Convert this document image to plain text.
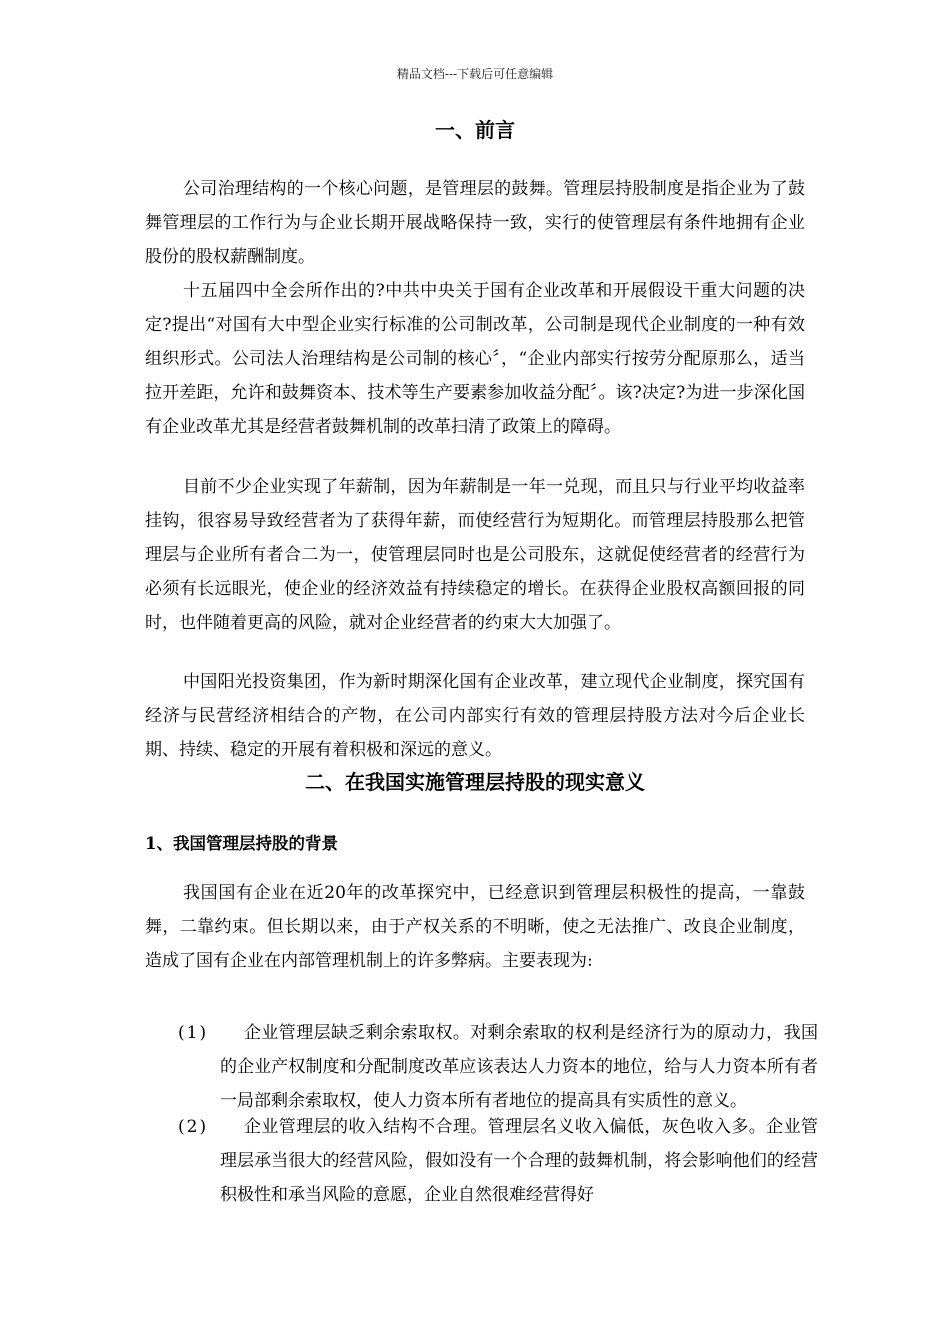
精品文档---下载后可任意编辑
一、前言

公司治理结构的一个核心问题，是管理层的鼓舞。管理层持股制度是指企业为了鼓舞管理层的工作行为与企业长期开展战略保持一致，实行的使管理层有条件地拥有企业股份的股权薪酬制度。

十五届四中全会所作出的?中共中央关于国有企业改革和开展假设干重大问题的决定?提出“对国有大中型企业实行标准的公司制改革，公司制是现代企业制度的一种有效组织形式。公司法人治理结构是公司制的核心〞，“企业内部实行按劳分配原那么，适当拉开差距，允许和鼓舞资本、技术等生产要素参加收益分配〞。该?决定?为进一步深化国有企业改革尤其是经营者鼓舞机制的改革扫清了政策上的障碍。

目前不少企业实现了年薪制，因为年薪制是一年一兑现，而且只与行业平均收益率挂钩，很容易导致经营者为了获得年薪，而使经营行为短期化。而管理层持股那么把管理层与企业所有者合二为一，使管理层同时也是公司股东，这就促使经营者的经营行为必须有长远眼光，使企业的经济效益有持续稳定的增长。在获得企业股权高额回报的同时，也伴随着更高的风险，就对企业经营者的约束大大加强了。

中国阳光投资集团，作为新时期深化国有企业改革，建立现代企业制度，探究国有经济与民营经济相结合的产物，在公司内部实行有效的管理层持股方法对今后企业长期、持续、稳定的开展有着积极和深远的意义。

二、在我国实施管理层持股的现实意义
1、我国管理层持股的背景

我国国有企业在近20年的改革探究中，已经意识到管理层积极性的提高，一靠鼓舞，二靠约束。但长期以来，由于产权关系的不明晰，使之无法推广、改良企业制度，造成了国有企业在内部管理机制上的许多弊病。主要表现为:

(1)	企业管理层缺乏剩余索取权。对剩余索取的权利是经济行为的原动力，我国的企业产权制度和分配制度改革应该表达人力资本的地位，给与人力资本所有者一局部剩余索取权，使人力资本所有者地位的提高具有实质性的意义。
(2)	企业管理层的收入结构不合理。管理层名义收入偏低，灰色收入多。企业管理层承当很大的经营风险，假如没有一个合理的鼓舞机制，将会影响他们的经营积极性和承当风险的意愿，企业自然很难经营得好
